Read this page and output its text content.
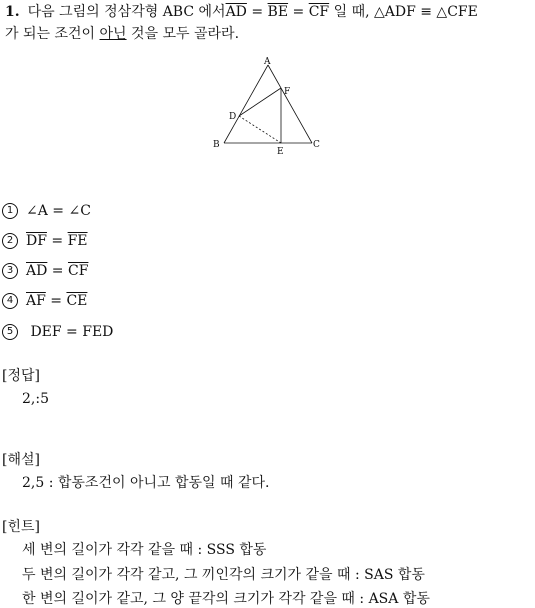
1. 다음 그림의 정삼각형 ABC 에서$\overline{AD} = \overline{BE} = \overline{CF}$ 일 때, △ADF ≡ △CFE
가 되는 조건이 아닌 것을 모두 골라라.
A
B	C
D
E
F
1 ∠A = ∠C
2 $\overline{DF} = \overline{FE}$
3 $\overline{AD} = \overline{CF}$
4 $\overline{AF} = \overline{CE}$
5 DEF = FED
[정답]
2,:5
[해설]
2,5 : 합동조건이 아니고 합동일 때 같다.
[힌트]
세 변의 길이가 각각 같을 때 : SSS 합동
두 변의 길이가 각각 같고, 그 끼인각의 크기가 같을 때 : SAS 합동
한 변의 길이가 같고, 그 양 끝각의 크기가 각각 같을 때 : ASA 합동
